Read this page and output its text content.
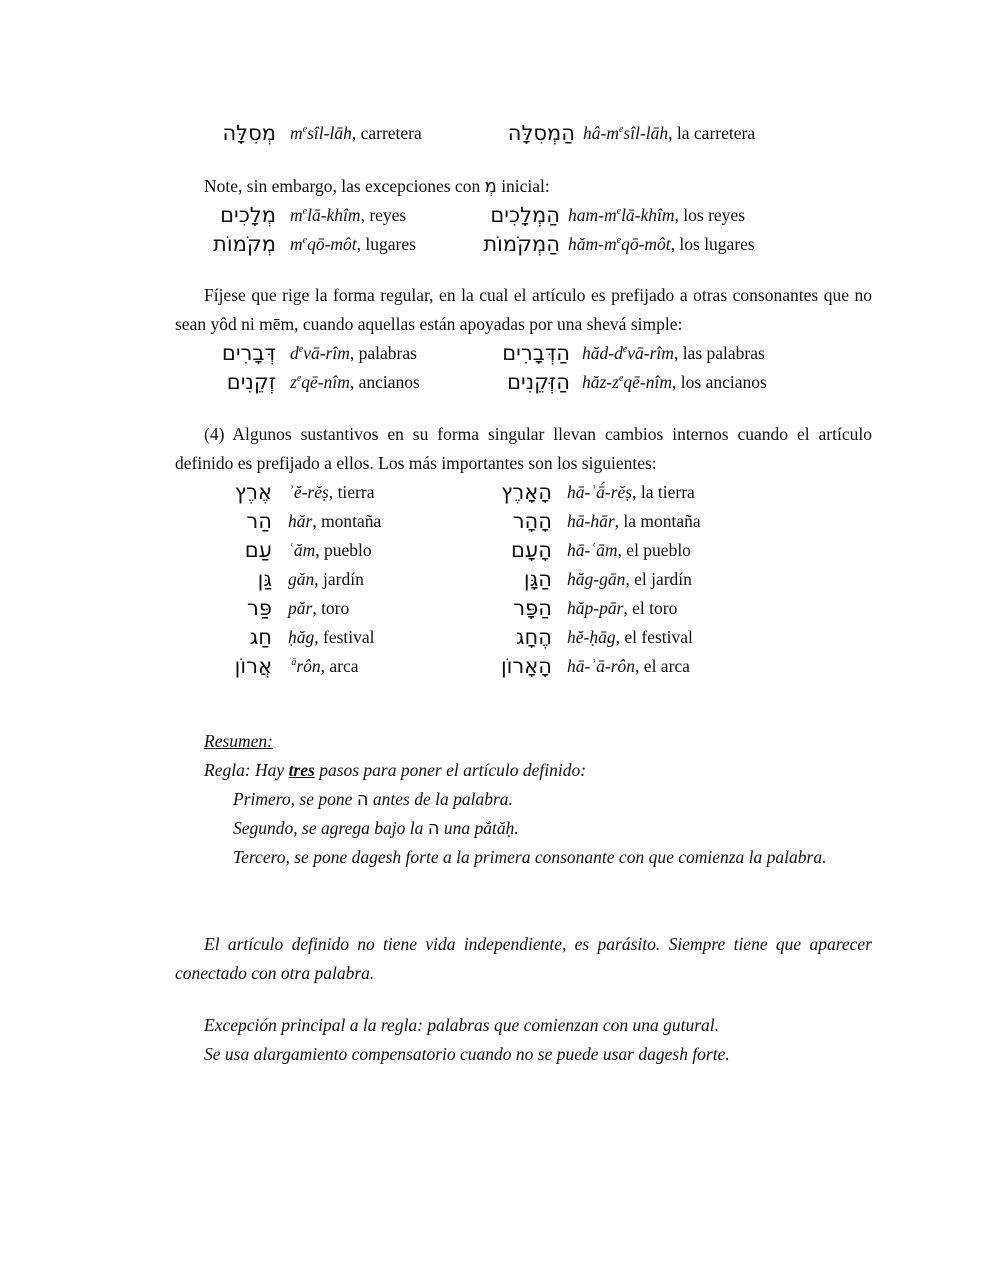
מְסִלָּה $m^esîl$-lāh, carretera	הַמְסִלָּה $hâ-m^esîl$-lāh, la carretera
Note, sin embargo, las excepciones con מְ inicial:
מְלָכִים $m^elā$-khîm, reyes	הַמְלָכִים ham-$m^elā$-khîm, los reyes
מְקֹמוֹת $m^eqō$-môt, lugares	הַמְקֹמוֹת hăm-$m^eqō$-môt, los lugares
Fíjese que rige la forma regular, en la cual el artículo es prefijado a otras consonantes que no sean yôd ni mēm, cuando aquellas están apoyadas por una shevá simple:
דְּבָרִים $d^evā$-rîm, palabras	הַדְּבָרִים hăd-$d^evā$-rîm, las palabras
זְקֵנִים $z^eqē$-nîm, ancianos	הַזְּקֵנִים hăz-$z^eqē$-nîm, los ancianos
(4) Algunos sustantivos en su forma singular llevan cambios internos cuando el artículo definido es prefijado a ellos. Los más importantes son los siguientes:
אֶרֶץ ʾĕ-rĕṣ, tierra	הָאָרֶץ hā-ʾā́-rĕṣ, la tierra
הַר hăr, montaña	הָהָר hā-hār, la montaña
עַם ʿăm, pueblo	הָעָם hā-ʿām, el pueblo
גַּן găn, jardín	הַגָּן hăg-gān, el jardín
פַּר păr, toro	הַפָּר hăp-pār, el toro
חַג ḥăg, festival	הֶחָג hĕ-ḥāg, el festival
אֲרוֹן $^{ʾă}$rôn, arca	הָאָרוֹן hā-ʾā-rôn, el arca
Resumen:
Regla: Hay tres pasos para poner el artículo definido:
Primero, se pone ה antes de la palabra.
Segundo, se agrega bajo la ה una pắtăḥ.
Tercero, se pone dagesh forte a la primera consonante con que comienza la palabra.
El artículo definido no tiene vida independiente, es parásito. Siempre tiene que aparecer conectado con otra palabra.
Excepción principal a la regla: palabras que comienzan con una gutural.
Se usa alargamiento compensatorio cuando no se puede usar dagesh forte.
